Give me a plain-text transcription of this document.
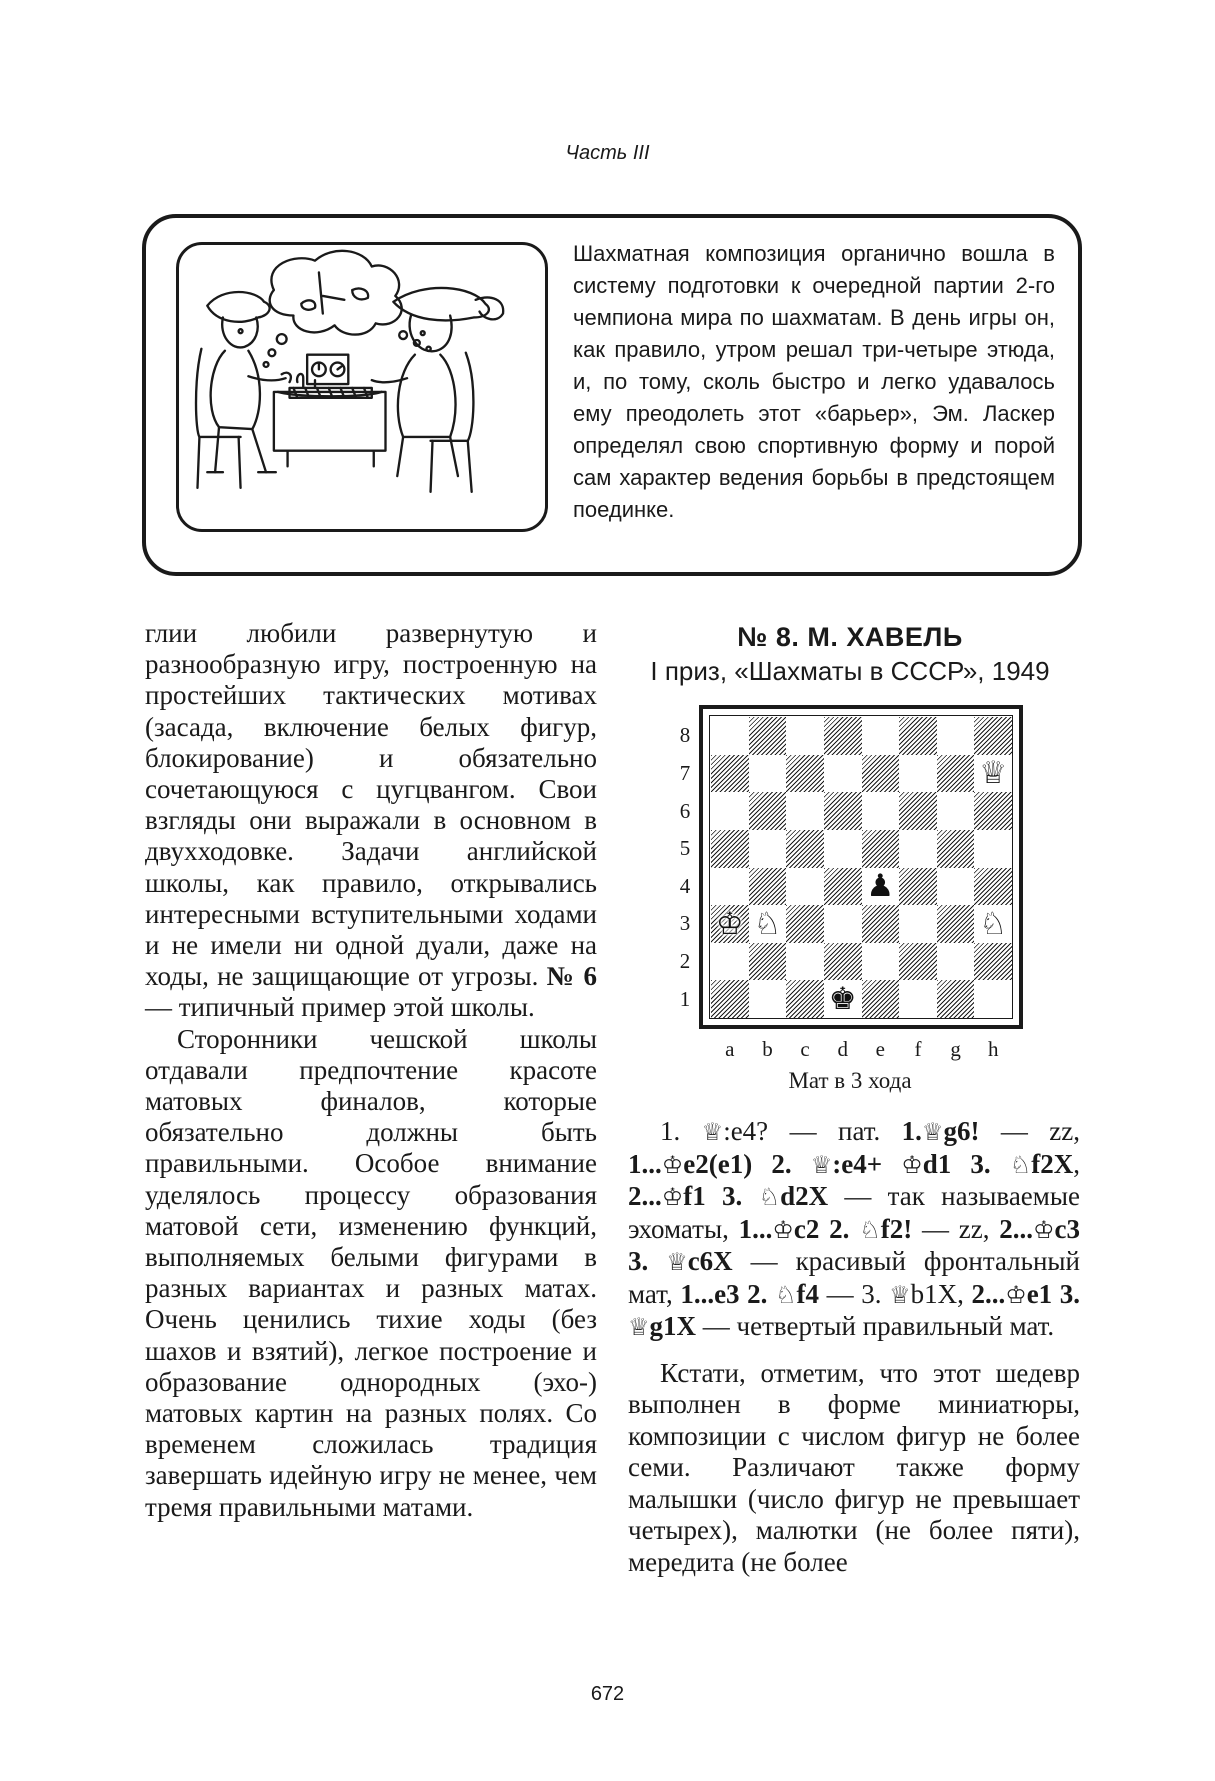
Часть III
Шахматная композиция органично вошла в систему подготовки к очередной партии 2-го чемпиона мира по шахматам. В день игры он, как правило, утром решал три-четыре этюда, и, по тому, сколь быстро и легко удавалось ему преодолеть этот «барьер», Эм. Ласкер определял свою спортивную форму и порой сам характер ведения борьбы в предстоящем поединке.

глии любили развернутую и разнообразную игру, построенную на простейших тактических мотивах (засада, включение белых фигур, блокирование) и обязательно сочетающуюся с цугцвангом. Свои взгляды они выражали в основном в двухходовке. Задачи английской школы, как правило, открывались интересными вступительными ходами и не имели ни одной дуали, даже на ходы, не защищающие от угрозы. № 6 — типичный пример этой школы.

Сторонники чешской школы отдавали предпочтение красоте матовых финалов, которые обязательно должны быть правильными. Особое внимание уделялось процессу образования матовой сети, изменению функций, выполняемых белыми фигурами в разных вариантах и разных матах. Очень ценились тихие ходы (без шахов и взятий), легкое построение и образование однородных (эхо-) матовых картин на разных полях. Со временем сложилась традиция завершать идейную игру не менее, чем тремя правильными матами.

№ 8. М. ХАВЕЛЬ
I приз, «Шахматы в СССР», 1949
8
7
6
5
4
3
2
1
a	b	c	d	e	f	g	h
♕
♟
♔ ♘	♘
♚
Мат в 3 хода

1. ♕:e4? — пат. 1.♕g6! — zz, 1...♔e2(e1) 2. ♕:e4+ ♔d1 3. ♘f2X, 2...♔f1 3. ♘d2X — так называемые эхоматы, 1...♔c2 2. ♘f2! — zz, 2...♔c3 3. ♕c6X — красивый фронтальный мат, 1...e3 2. ♘f4 — 3. ♕b1X, 2...♔e1 3. ♕g1X — четвертый правильный мат.

Кстати, отметим, что этот шедевр выполнен в форме миниатюры, композиции с числом фигур не более семи. Различают также форму малышки (число фигур не превышает четырех), малютки (не более пяти), мередита (не более

672
